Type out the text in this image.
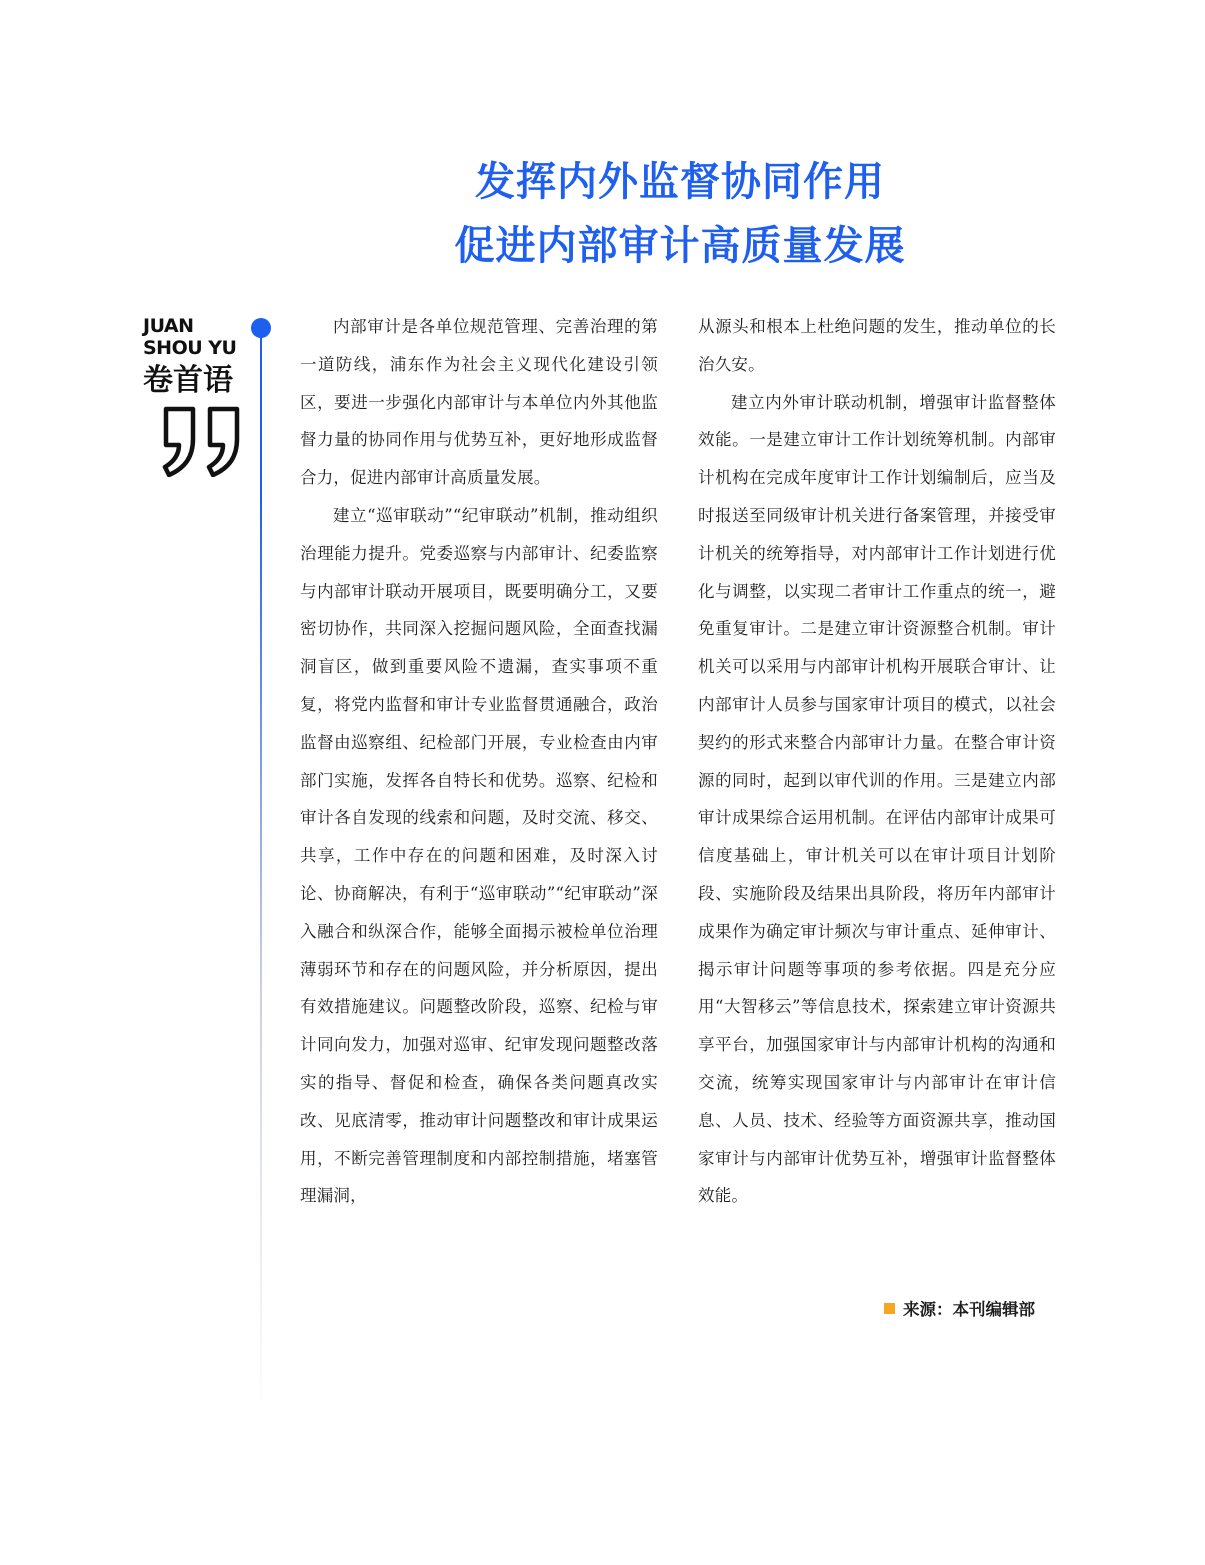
发挥内外监督协同作用
促进内部审计高质量发展
JUAN
SHOU YU
卷首语

内部审计是各单位规范管理、完善治理的第一道防线，浦东作为社会主义现代化建设引领区，要进一步强化内部审计与本单位内外其他监督力量的协同作用与优势互补，更好地形成监督合力，促进内部审计高质量发展。

建立“巡审联动”“纪审联动”机制，推动组织治理能力提升。党委巡察与内部审计、纪委监察与内部审计联动开展项目，既要明确分工，又要密切协作，共同深入挖掘问题风险，全面查找漏洞盲区，做到重要风险不遗漏，查实事项不重复，将党内监督和审计专业监督贯通融合，政治监督由巡察组、纪检部门开展，专业检查由内审部门实施，发挥各自特长和优势。巡察、纪检和审计各自发现的线索和问题，及时交流、移交、共享，工作中存在的问题和困难，及时深入讨论、协商解决，有利于“巡审联动”“纪审联动”深入融合和纵深合作，能够全面揭示被检单位治理薄弱环节和存在的问题风险，并分析原因，提出有效措施建议。问题整改阶段，巡察、纪检与审计同向发力，加强对巡审、纪审发现问题整改落实的指导、督促和检查，确保各类问题真改实改、见底清零，推动审计问题整改和审计成果运用，不断完善管理制度和内部控制措施，堵塞管理漏洞，

从源头和根本上杜绝问题的发生，推动单位的长治久安。

建立内外审计联动机制，增强审计监督整体效能。一是建立审计工作计划统筹机制。内部审计机构在完成年度审计工作计划编制后，应当及时报送至同级审计机关进行备案管理，并接受审计机关的统筹指导，对内部审计工作计划进行优化与调整，以实现二者审计工作重点的统一，避免重复审计。二是建立审计资源整合机制。审计机关可以采用与内部审计机构开展联合审计、让内部审计人员参与国家审计项目的模式，以社会契约的形式来整合内部审计力量。在整合审计资源的同时，起到以审代训的作用。三是建立内部审计成果综合运用机制。在评估内部审计成果可信度基础上，审计机关可以在审计项目计划阶段、实施阶段及结果出具阶段，将历年内部审计成果作为确定审计频次与审计重点、延伸审计、揭示审计问题等事项的参考依据。四是充分应用“大智移云”等信息技术，探索建立审计资源共享平台，加强国家审计与内部审计机构的沟通和交流，统筹实现国家审计与内部审计在审计信息、人员、技术、经验等方面资源共享，推动国家审计与内部审计优势互补，增强审计监督整体效能。

来源：本刊编辑部
